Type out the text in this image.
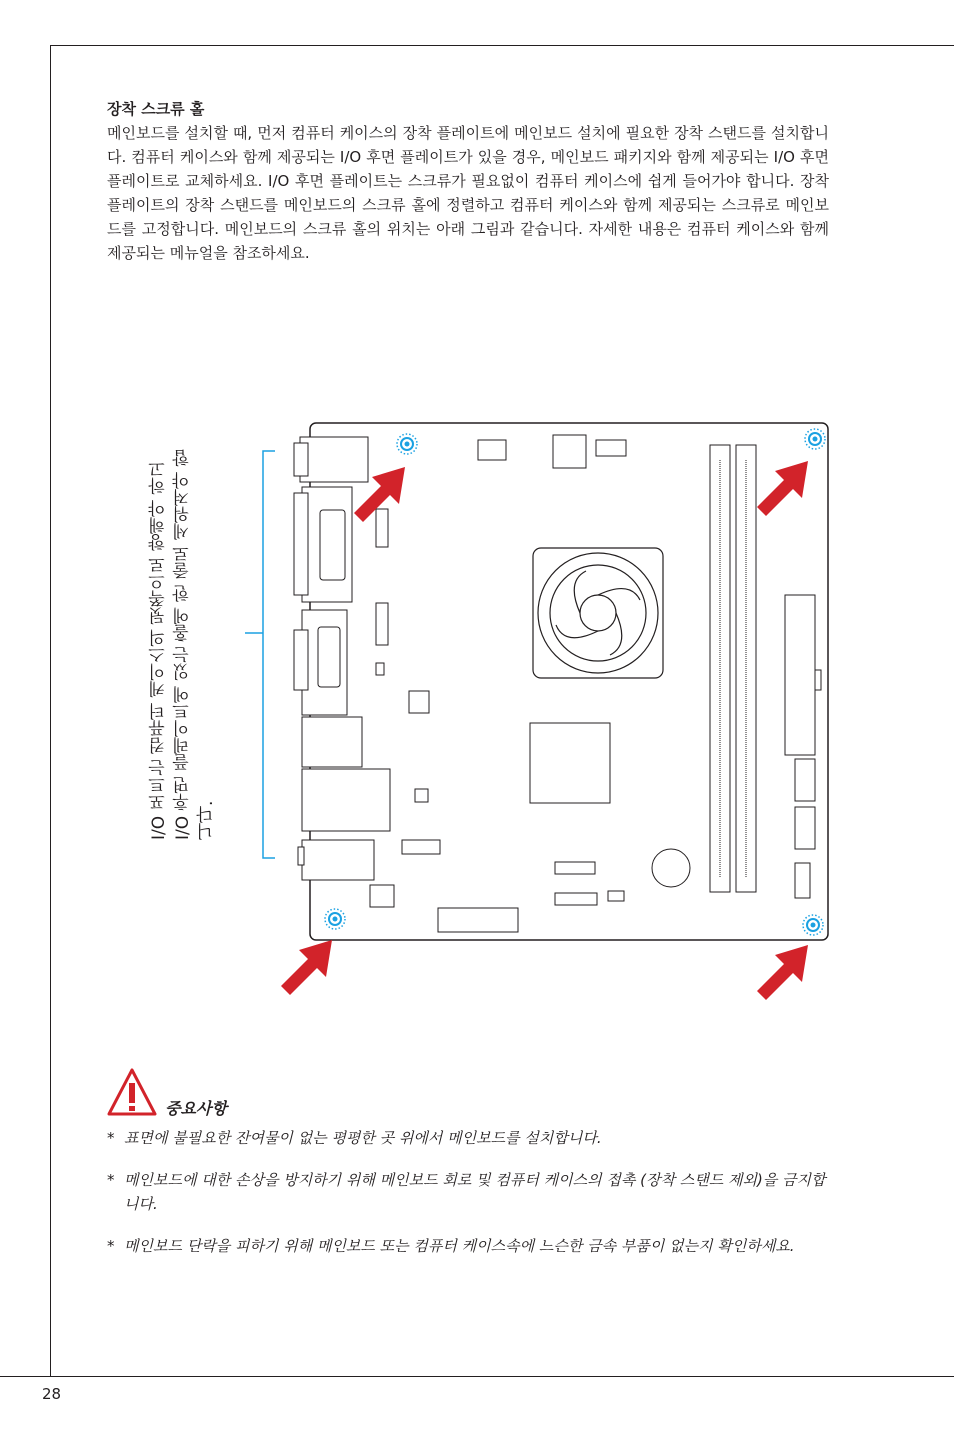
28
장착 스크류 홀

메인보드를 설치할 때, 먼저 컴퓨터 케이스의 장착 플레이트에 메인보드 설치에 필요한 장착 스탠드를 설치합니다. 컴퓨터 케이스와 함께 제공되는 I/O 후면 플레이트가 있을 경우, 메인보드 패키지와 함께 제공되는 I/O 후면 플레이트로 교체하세요. I/O 후면 플레이트는 스크류가 필요없이 컴퓨터 케이스에 쉽게 들어가야 합니다. 장착 플레이트의 장착 스탠드를 메인보드의 스크류 홀에 정렬하고 컴퓨터 케이스와 함께 제공되는 스크류로 메인보드를 고정합니다. 메인보드의 스크류 홀의 위치는 아래 그림과 같습니다. 자세한 내용은 컴퓨터 케이스와 함께 제공되는 메뉴얼을 참조하세요.

I/O 포트는 컴퓨터 케이스의 뒷쪽으로 향해야 하고 I/O 후면 플레이트에 있는 홀에 한 줄로 세워져야 합니다.
중요사항
* 표면에 불필요한 잔여물이 없는 평평한 곳 위에서 메인보드를 설치합니다.
* 메인보드에 대한 손상을 방지하기 위해 메인보드 회로 및 컴퓨터 케이스의 접촉 (장착 스탠드 제외)을 금지합니다.
* 메인보드 단락을 피하기 위해 메인보드 또는 컴퓨터 케이스속에 느슨한 금속 부품이 없는지 확인하세요.
